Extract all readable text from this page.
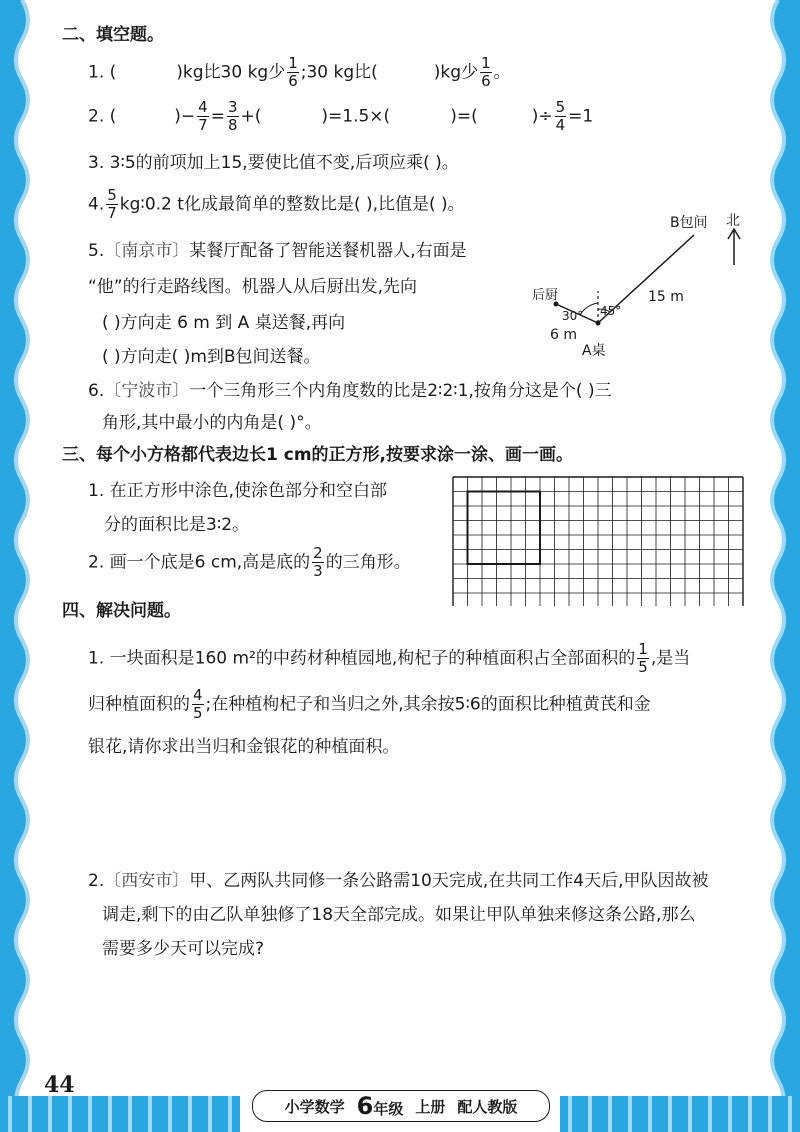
二、填空题。
1. (	)kg比30 kg少 $\frac{1}{6}$ ;30 kg比(	)kg少 $\frac{1}{6}$ 。
2. (	)− $\frac{4}{7} = \frac{3}{8}$ +(	)=1.5×(	)=(	)÷ $\frac{5}{4} =1$
3. 3∶5的前项加上15,要使比值不变,后项应乘( )。
4. $\frac{5}{7}$ kg∶0.2 t化成最简单的整数比是( ),比值是( )。
5.〔南京市〕某餐厅配备了智能送餐机器人,右面是
“他”的行走路线图。机器人从后厨出发,先向
( )方向走 6 m 到 A 桌送餐,再向
( )方向走( )m到B包间送餐。
B包间 北
后厨
30° 45°
15 m
6 m
A桌
6.〔宁波市〕一个三角形三个内角度数的比是2∶2∶1,按角分这是个( )三
角形,其中最小的内角是( )°。
三、每个小方格都代表边长1 cm的正方形,按要求涂一涂、画一画。
1. 在正方形中涂色,使涂色部分和空白部
分的面积比是3∶2。
2. 画一个底是6 cm,高是底的 $\frac{2}{3}$ 的三角形。
四、解决问题。
1. 一块面积是160 m²的中药材种植园地,枸杞子的种植面积占全部面积的 $\frac{1}{5}$ ,是当
归种植面积的 $\frac{4}{5}$ ;在种植枸杞子和当归之外,其余按5∶6的面积比种植黄芪和金
银花,请你求出当归和金银花的种植面积。
2.〔西安市〕甲、乙两队共同修一条公路需10天完成,在共同工作4天后,甲队因故被
调走,剩下的由乙队单独修了18天全部完成。如果让甲队单独来修这条公路,那么
需要多少天可以完成?
44
小学数学 6年级 上册 配人教版
